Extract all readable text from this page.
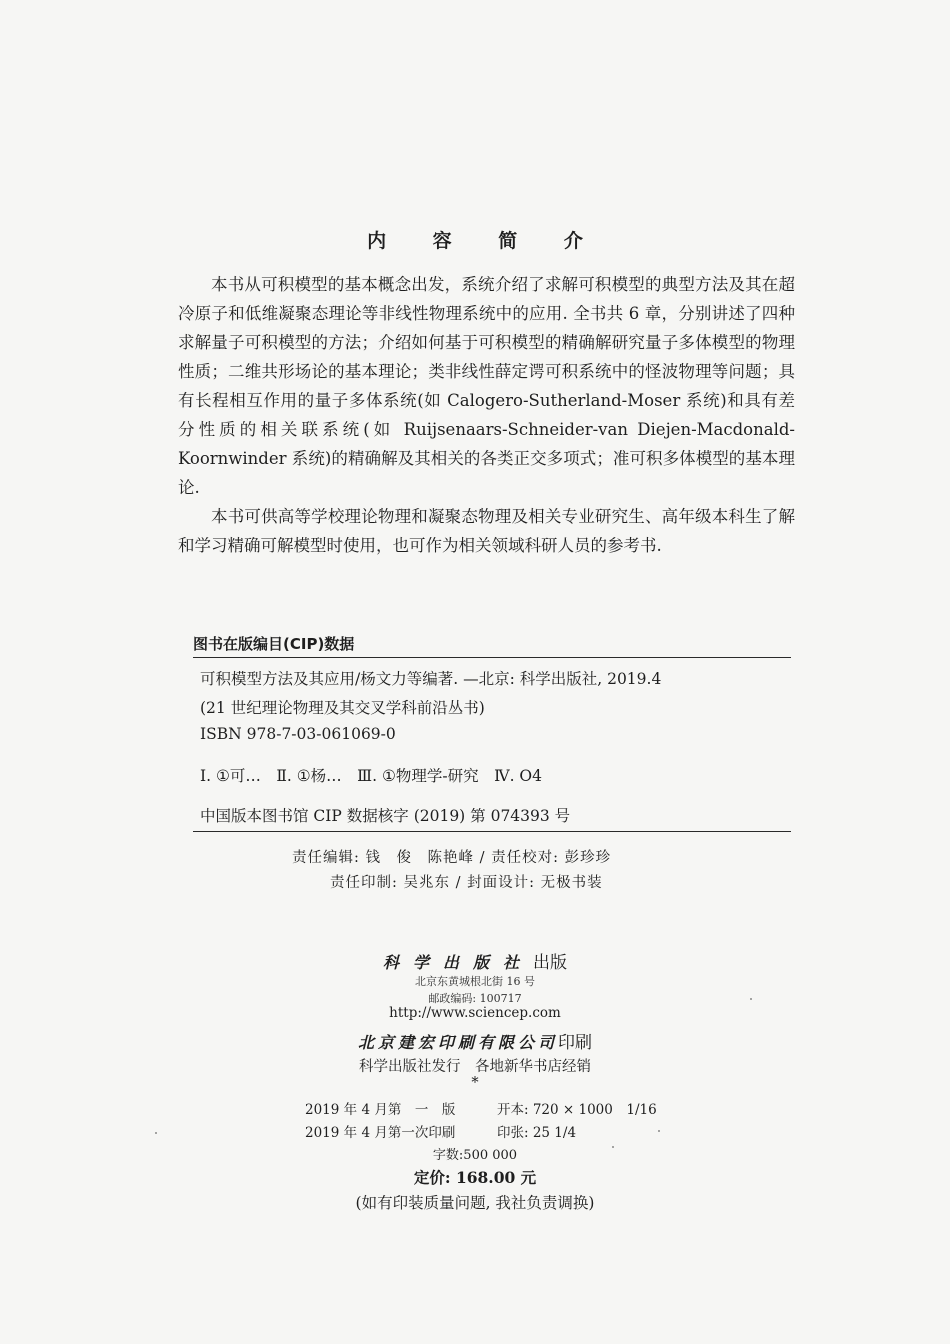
内 容 简 介

本书从可积模型的基本概念出发，系统介绍了求解可积模型的典型方法及其在超冷原子和低维凝聚态理论等非线性物理系统中的应用. 全书共 6 章，分别讲述了四种求解量子可积模型的方法；介绍如何基于可积模型的精确解研究量子多体模型的物理性质；二维共形场论的基本理论；类非线性薛定谔可积系统中的怪波物理等问题；具有长程相互作用的量子多体系统(如 Calogero-Sutherland-Moser 系统)和具有差分性质的相关联系统(如 Ruijsenaars-Schneider-van Diejen-Macdonald-Koornwinder 系统)的精确解及其相关的各类正交多项式；准可积多体模型的基本理论.

本书可供高等学校理论物理和凝聚态物理及相关专业研究生、高年级本科生了解和学习精确可解模型时使用，也可作为相关领域科研人员的参考书.

图书在版编目(CIP)数据
可积模型方法及其应用/杨文力等编著. —北京: 科学出版社, 2019.4
(21 世纪理论物理及其交叉学科前沿丛书)
ISBN 978-7-03-061069-0
Ⅰ. ①可…　Ⅱ. ①杨…　Ⅲ. ①物理学-研究　Ⅳ. O4
中国版本图书馆 CIP 数据核字 (2019) 第 074393 号
责任编辑: 钱　俊　陈艳峰 / 责任校对: 彭珍珍
责任印制: 吴兆东 / 封面设计: 无极书装
科学出版社出版
北京东黄城根北街 16 号
邮政编码: 100717
http://www.sciencep.com
北京建宏印刷有限公司印刷
科学出版社发行　各地新华书店经销
*
2019 年 4 月第　一　版	开本: 720 × 1000　1/16
2019 年 4 月第一次印刷	印张: 25 1/4
字数:500 000
定价: 168.00 元
(如有印装质量问题, 我社负责调换)
